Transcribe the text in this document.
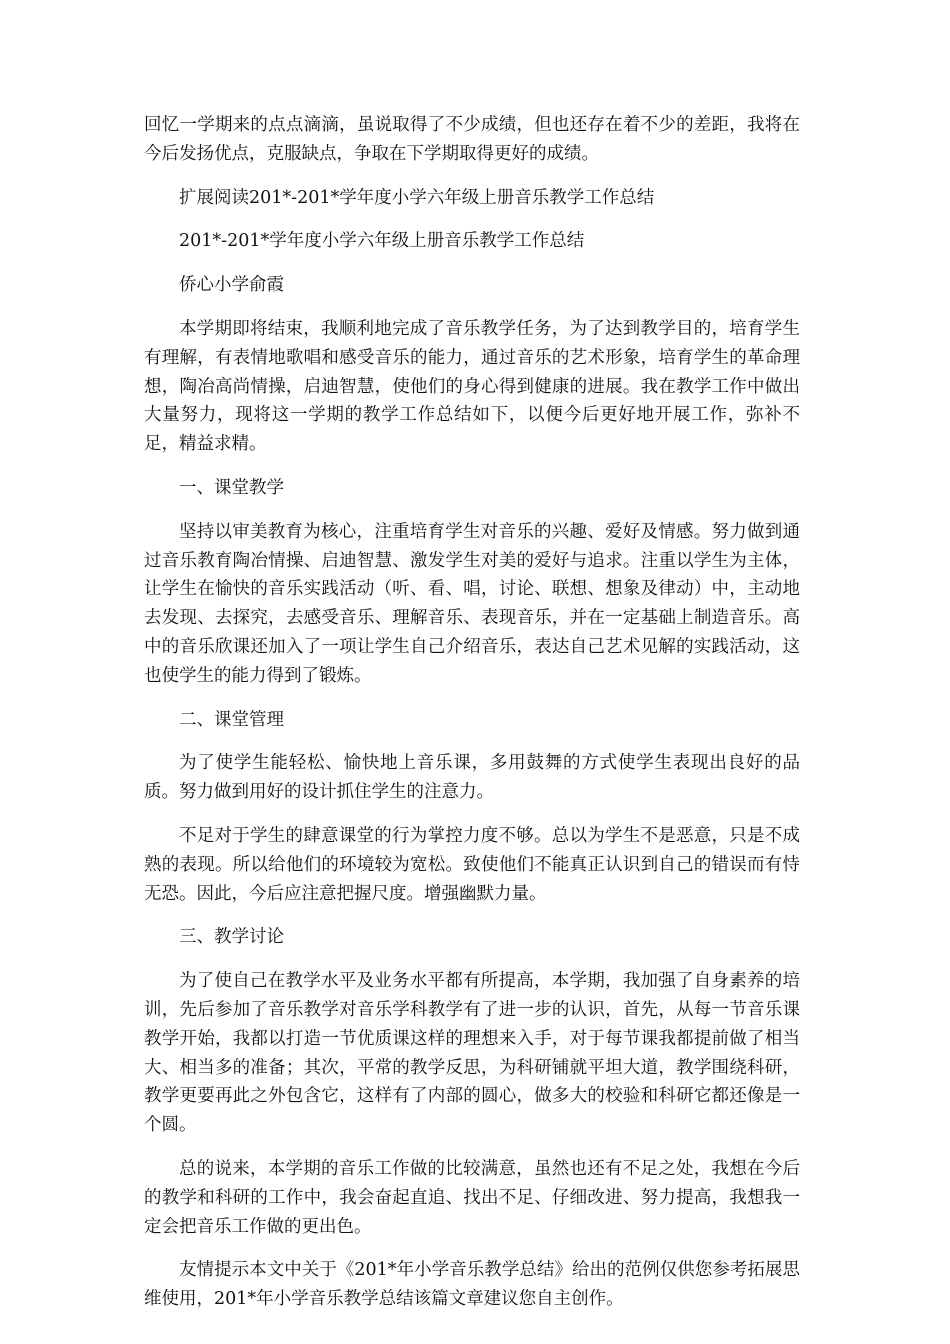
回忆一学期来的点点滴滴，虽说取得了不少成绩，但也还存在着不少的差距，我将在今后发扬优点，克服缺点，争取在下学期取得更好的成绩。

扩展阅读201*-201*学年度小学六年级上册音乐教学工作总结

201*-201*学年度小学六年级上册音乐教学工作总结

侨心小学俞霞

本学期即将结束，我顺利地完成了音乐教学任务，为了达到教学目的，培育学生有理解，有表情地歌唱和感受音乐的能力，通过音乐的艺术形象，培育学生的革命理想，陶冶高尚情操，启迪智慧，使他们的身心得到健康的进展。我在教学工作中做出大量努力，现将这一学期的教学工作总结如下，以便今后更好地开展工作，弥补不足，精益求精。

一、课堂教学

坚持以审美教育为核心，注重培育学生对音乐的兴趣、爱好及情感。努力做到通过音乐教育陶冶情操、启迪智慧、激发学生对美的爱好与追求。注重以学生为主体，让学生在愉快的音乐实践活动（听、看、唱，讨论、联想、想象及律动）中，主动地去发现、去探究，去感受音乐、理解音乐、表现音乐，并在一定基础上制造音乐。高中的音乐欣课还加入了一项让学生自己介绍音乐，表达自己艺术见解的实践活动，这也使学生的能力得到了锻炼。

二、课堂管理

为了使学生能轻松、愉快地上音乐课，多用鼓舞的方式使学生表现出良好的品质。努力做到用好的设计抓住学生的注意力。

不足对于学生的肆意课堂的行为掌控力度不够。总以为学生不是恶意，只是不成熟的表现。所以给他们的环境较为宽松。致使他们不能真正认识到自己的错误而有恃无恐。因此，今后应注意把握尺度。增强幽默力量。

三、教学讨论

为了使自己在教学水平及业务水平都有所提高，本学期，我加强了自身素养的培训，先后参加了音乐教学对音乐学科教学有了进一步的认识，首先，从每一节音乐课教学开始，我都以打造一节优质课这样的理想来入手，对于每节课我都提前做了相当大、相当多的准备；其次，平常的教学反思，为科研铺就平坦大道，教学围绕科研，教学更要再此之外包含它，这样有了内部的圆心，做多大的校验和科研它都还像是一个圆。

总的说来，本学期的音乐工作做的比较满意，虽然也还有不足之处，我想在今后的教学和科研的工作中，我会奋起直追、找出不足、仔细改进、努力提高，我想我一定会把音乐工作做的更出色。

友情提示本文中关于《201*年小学音乐教学总结》给出的范例仅供您参考拓展思维使用，201*年小学音乐教学总结该篇文章建议您自主创作。
